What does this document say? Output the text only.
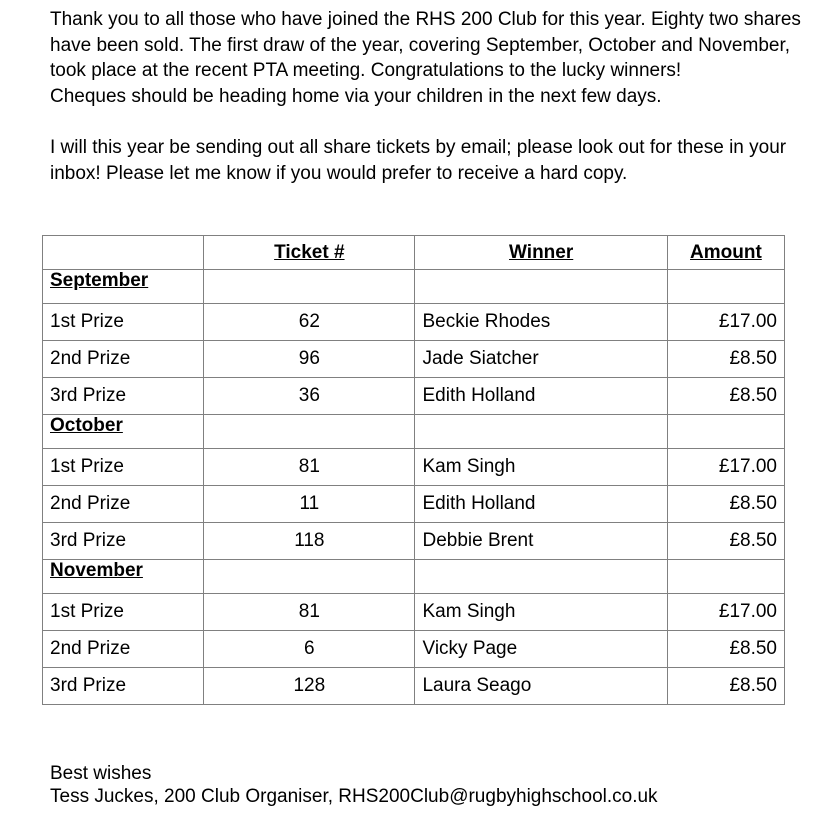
Thank you to all those who have joined the RHS 200 Club for this year. Eighty two shares have been sold. The first draw of the year, covering September, October and November, took place at the recent PTA meeting. Congratulations to the lucky winners!

Cheques should be heading home via your children in the next few days.

I will this year be sending out all share tickets by email; please look out for these in your inbox! Please let me know if you would prefer to receive a hard copy.

	Ticket #	Winner	Amount
September			
1st Prize	62	Beckie Rhodes	£17.00
2nd Prize	96	Jade Siatcher	£8.50
3rd Prize	36	Edith Holland	£8.50
October			
1st Prize	81	Kam Singh	£17.00
2nd Prize	11	Edith Holland	£8.50
3rd Prize	118	Debbie Brent	£8.50
November			
1st Prize	81	Kam Singh	£17.00
2nd Prize	6	Vicky Page	£8.50
3rd Prize	128	Laura Seago	£8.50

Best wishes

Tess Juckes, 200 Club Organiser, RHS200Club@rugbyhighschool.co.uk
